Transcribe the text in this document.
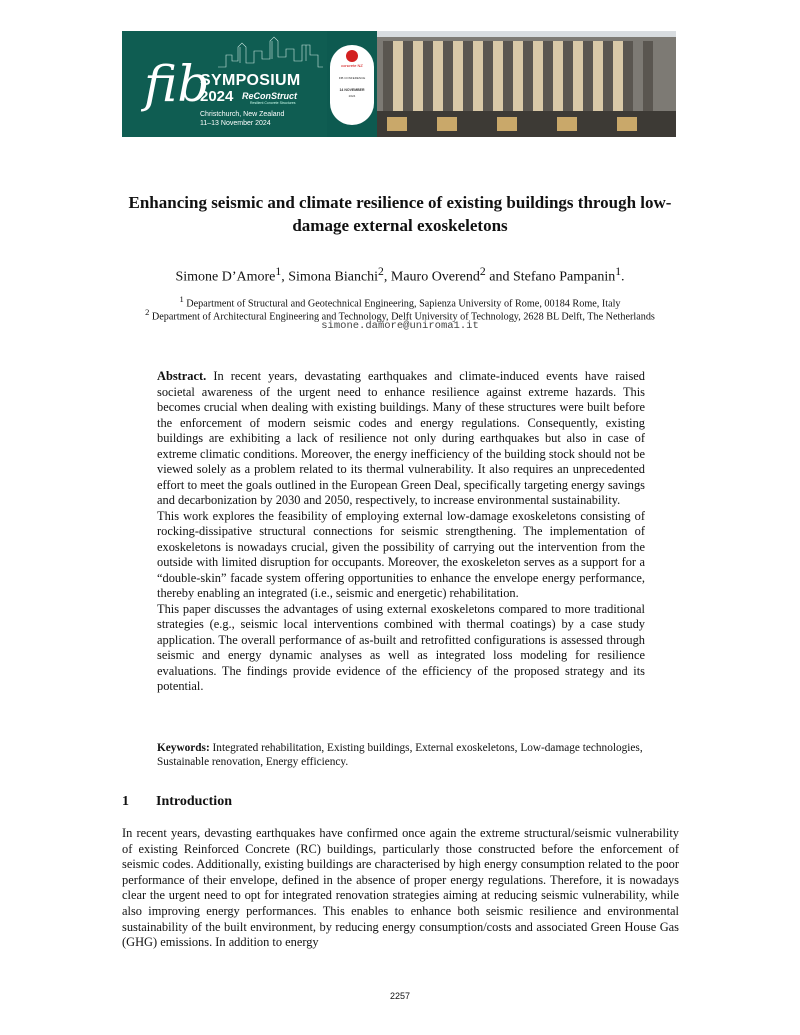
fib
SYMPOSIUM
2024 ReConStruct
Resilient Concrete Structures
Christchurch, New Zealand
11–13 November 2024
concrete NZ
FIB CONFERENCE
14 NOVEMBER
2024
Enhancing seismic and climate resilience of existing buildings through low-
damage external exoskeletons
Simone D’Amore$^1$, Simona Bianchi$^2$, Mauro Overend$^2$ and Stefano Pampanin$^1$.
$^1$ Department of Structural and Geotechnical Engineering, Sapienza University of Rome, 00184 Rome, Italy
$^2$ Department of Architectural Engineering and Technology, Delft University of Technology, 2628 BL Delft, The Netherlands
simone.damore@uniroma1.it

Abstract. In recent years, devastating earthquakes and climate-induced events have raised societal awareness of the urgent need to enhance resilience against extreme hazards. This becomes crucial when dealing with existing buildings. Many of these structures were built before the enforcement of modern seismic codes and energy regulations. Consequently, existing buildings are exhibiting a lack of resilience not only during earthquakes but also in case of extreme climatic conditions. Moreover, the energy inefficiency of the building stock should not be viewed solely as a problem related to its thermal vulnerability. It also requires an unprecedented effort to meet the goals outlined in the European Green Deal, specifically targeting energy savings and decarbonization by 2030 and 2050, respectively, to increase environmental sustainability.

This work explores the feasibility of employing external low-damage exoskeletons consisting of rocking-dissipative structural connections for seismic strengthening. The implementation of exoskeletons is nowadays crucial, given the possibility of carrying out the intervention from the outside with limited disruption for occupants. Moreover, the exoskeleton serves as a support for a “double-skin” facade system offering opportunities to enhance the envelope energy performance, thereby enabling an integrated (i.e., seismic and energetic) rehabilitation.

This paper discusses the advantages of using external exoskeletons compared to more traditional strategies (e.g., seismic local interventions combined with thermal coatings) by a case study application. The overall performance of as-built and retrofitted configurations is assessed through seismic and energy dynamic analyses as well as integrated loss modeling for resilience evaluations. The findings provide evidence of the efficiency of the proposed strategy and its potential.

Keywords: Integrated rehabilitation, Existing buildings, External exoskeletons, Low-damage technologies, Sustainable renovation, Energy efficiency.
1 Introduction

In recent years, devasting earthquakes have confirmed once again the extreme structural/seismic vulnerability of existing Reinforced Concrete (RC) buildings, particularly those constructed before the enforcement of seismic codes. Additionally, existing buildings are characterised by high energy consumption related to the poor performance of their envelope, defined in the absence of proper energy regulations. Therefore, it is nowadays clear the urgent need to opt for integrated renovation strategies aiming at reducing seismic vulnerability, while also improving energy performances. This enables to enhance both seismic resilience and environmental sustainability of the built environment, by reducing energy consumption/costs and associated Green House Gas (GHG) emissions. In addition to energy

2257
